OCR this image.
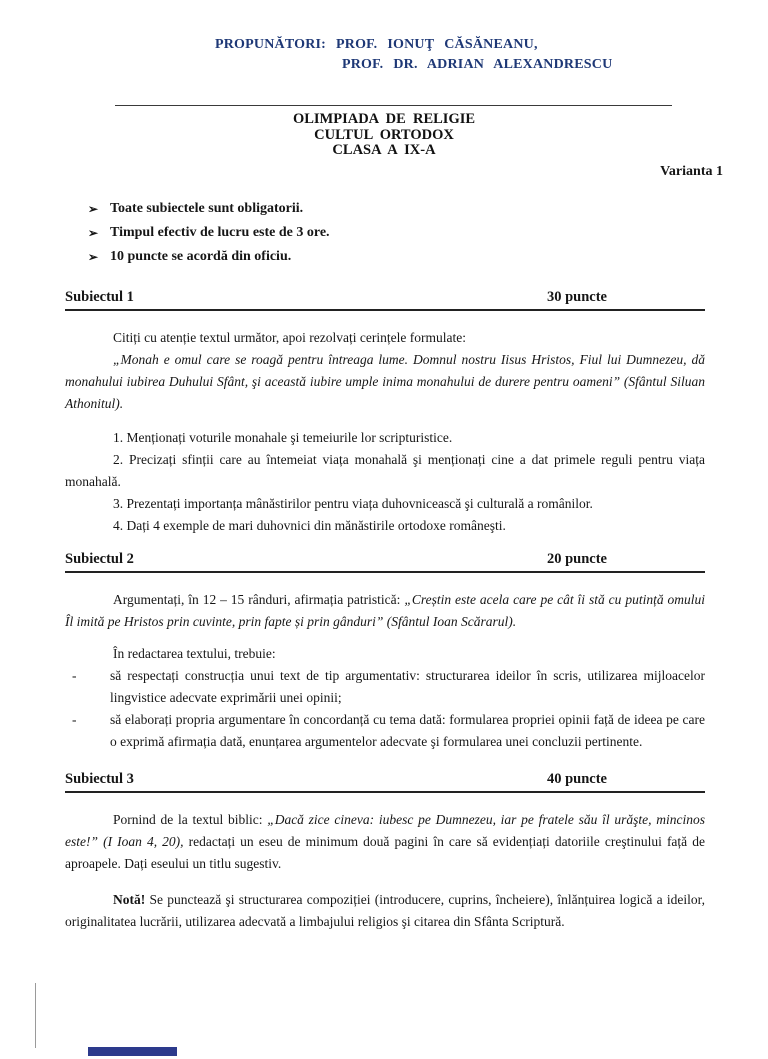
PROPUNĂTORI: PROF. IONUŢ CĂSĂNEANU,
PROF. DR. ADRIAN ALEXANDRESCU
OLIMPIADA DE RELIGIE
CULTUL ORTODOX
CLASA A IX-A
Varianta 1
➢ Toate subiectele sunt obligatorii.
➢ Timpul efectiv de lucru este de 3 ore.
➢ 10 puncte se acordă din oficiu.
Subiectul 1	30 puncte

Citiți cu atenție textul următor, apoi rezolvați cerințele formulate:

„Monah e omul care se roagă pentru întreaga lume. Domnul nostru Iisus Hristos, Fiul lui Dumnezeu, dă monahului iubirea Duhului Sfânt, şi această iubire umple inima monahului de durere pentru oameni” (Sfântul Siluan Athonitul).

1. Menționați voturile monahale şi temeiurile lor scripturistice.

2. Precizați sfinții care au întemeiat viața monahală şi menționați cine a dat primele reguli pentru viața monahală.

3. Prezentați importanța mânăstirilor pentru viața duhovnicească şi culturală a românilor.

4. Dați 4 exemple de mari duhovnici din mănăstirile ortodoxe româneşti.

Subiectul 2	20 puncte

Argumentați, în 12 – 15 rânduri, afirmația patristică: „Creștin este acela care pe cât îi stă cu putință omului Îl imită pe Hristos prin cuvinte, prin fapte și prin gânduri” (Sfântul Ioan Scărarul).

În redactarea textului, trebuie:

- să respectați construcția unui text de tip argumentativ: structurarea ideilor în scris, utilizarea mijloacelor lingvistice adecvate exprimării unei opinii;
- să elaborați propria argumentare în concordanță cu tema dată: formularea propriei opinii față de ideea pe care o exprimă afirmația dată, enunțarea argumentelor adecvate şi formularea unei concluzii pertinente.
Subiectul 3	40 puncte

Pornind de la textul biblic: „Dacă zice cineva: iubesc pe Dumnezeu, iar pe fratele său îl urăşte, mincinos este!” (I Ioan 4, 20), redactați un eseu de minimum două pagini în care să evidențiați datoriile creştinului față de aproapele. Dați eseului un titlu sugestiv.

Notă! Se punctează şi structurarea compoziției (introducere, cuprins, încheiere), înlănțuirea logică a ideilor, originalitatea lucrării, utilizarea adecvată a limbajului religios şi citarea din Sfânta Scriptură.
